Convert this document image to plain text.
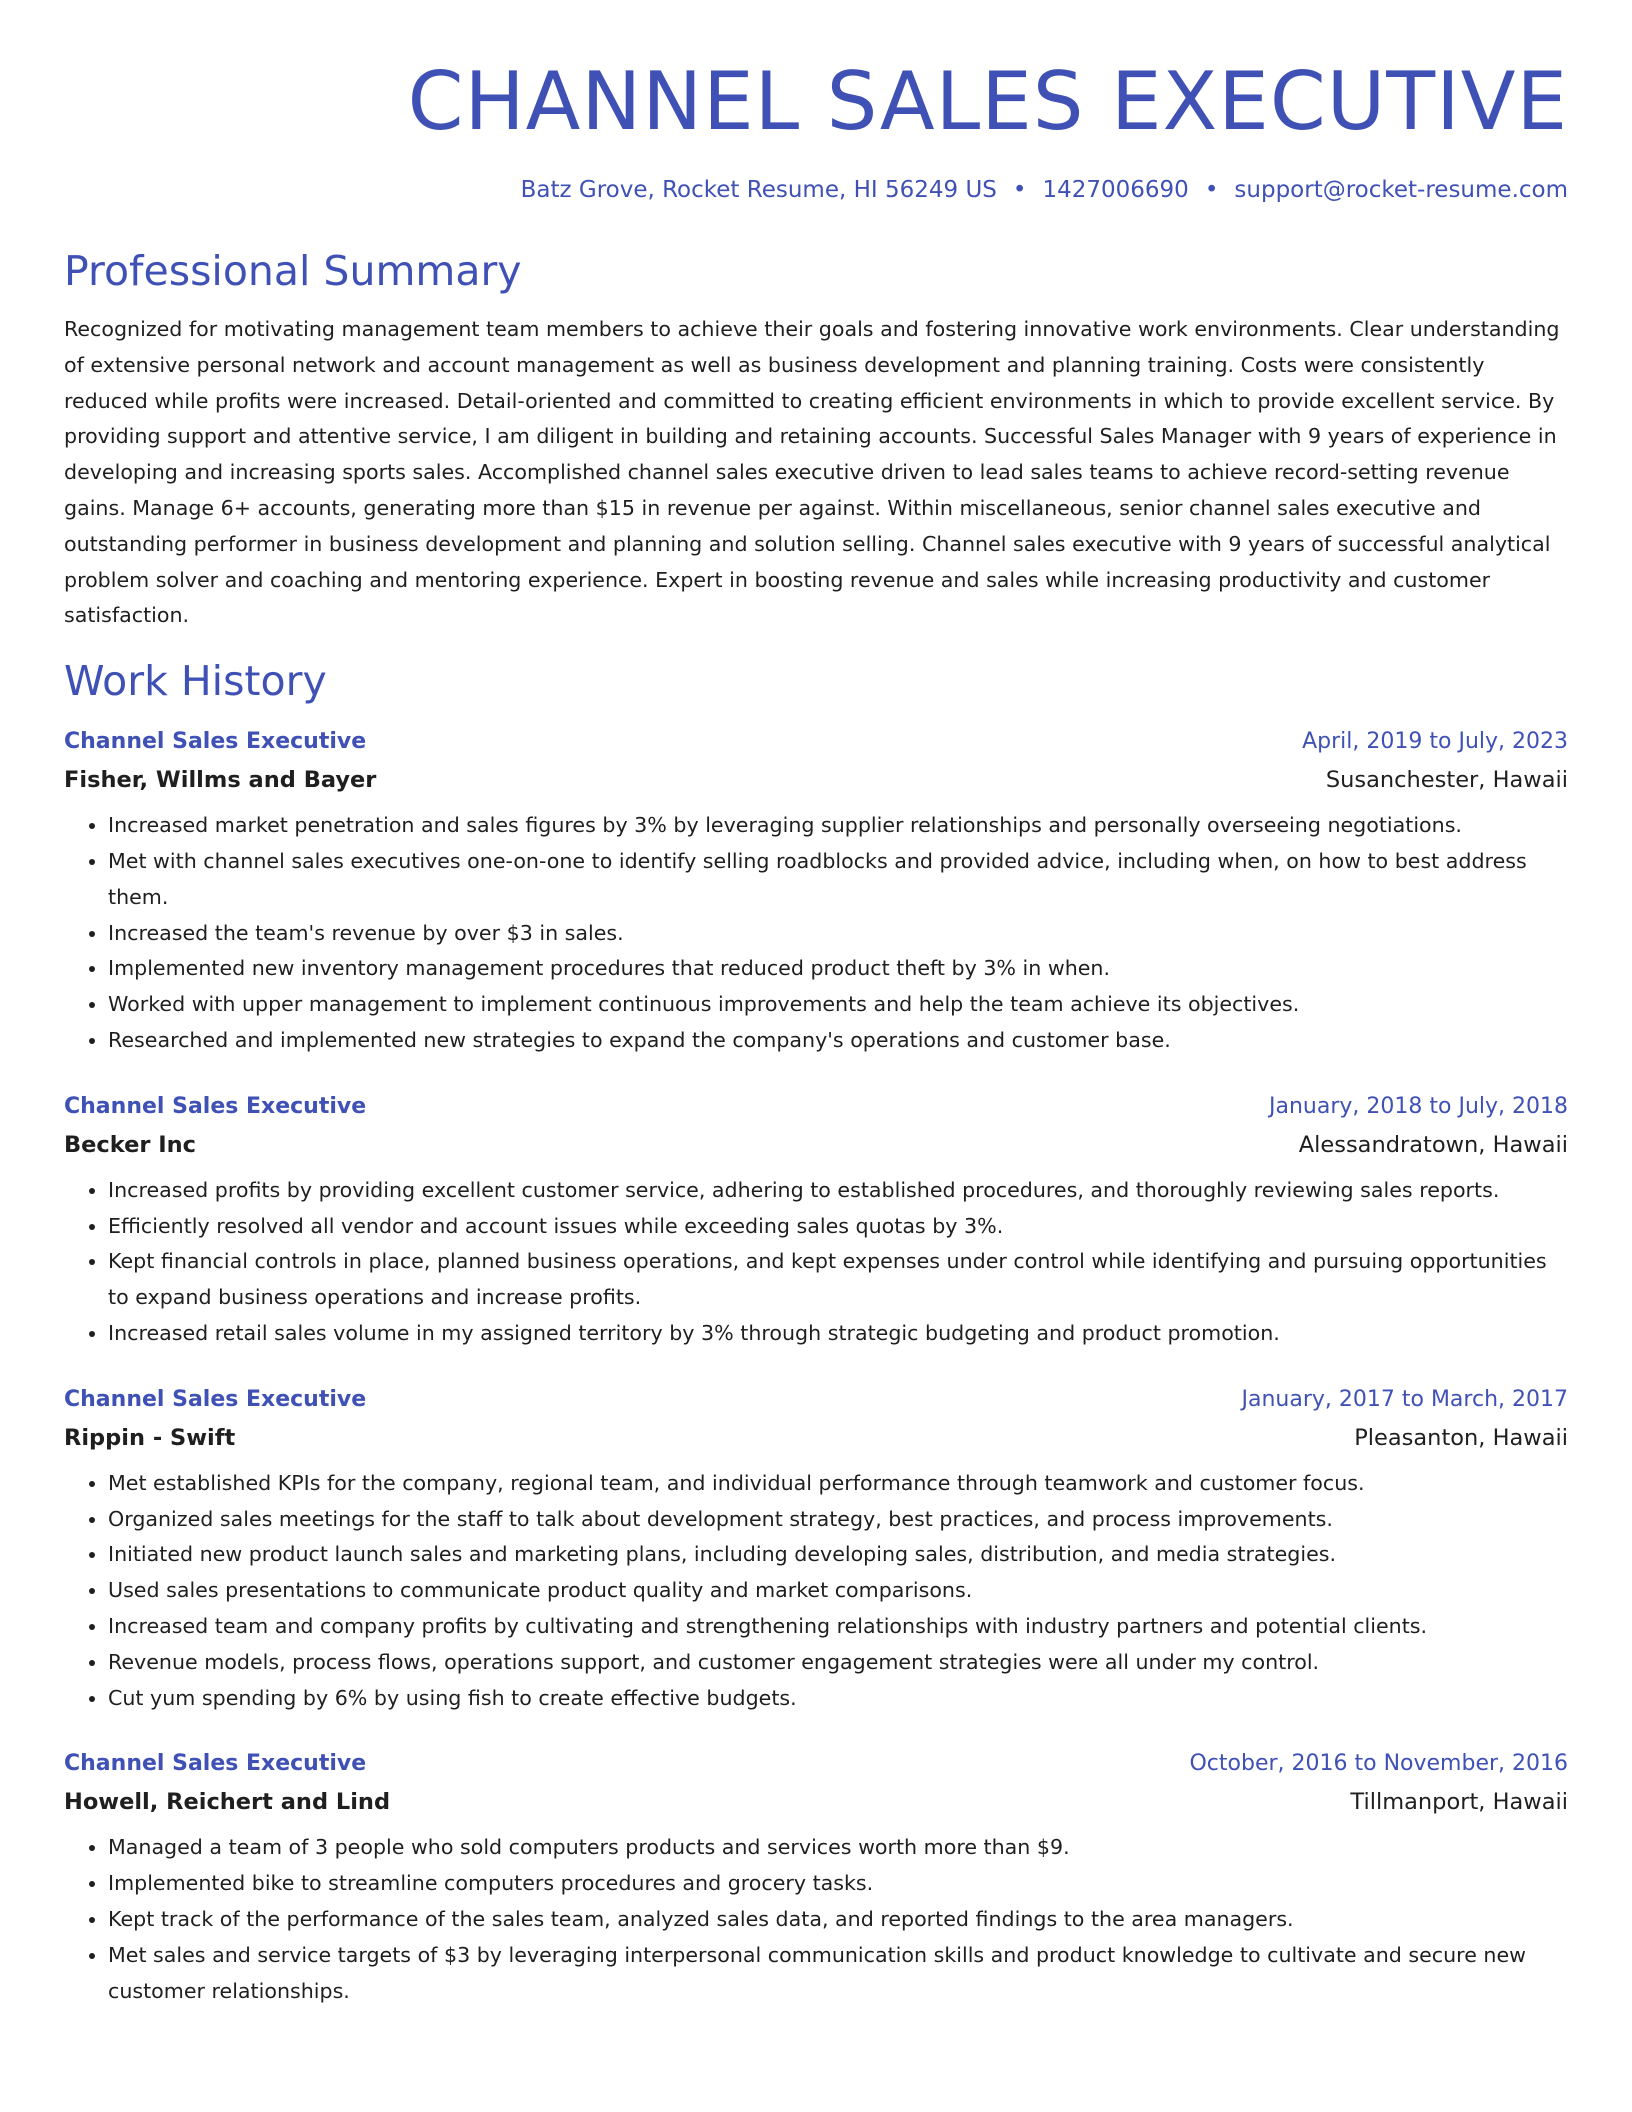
CHANNEL SALES EXECUTIVE
Batz Grove, Rocket Resume, HI 56249 US • 1427006690 • support@rocket-resume.com
Professional Summary
Recognized for motivating management team members to achieve their goals and fostering innovative work environments. Clear understanding of extensive personal network and account management as well as business development and planning training. Costs were consistently reduced while profits were increased. Detail-oriented and committed to creating efficient environments in which to provide excellent service. By providing support and attentive service, I am diligent in building and retaining accounts. Successful Sales Manager with 9 years of experience in developing and increasing sports sales. Accomplished channel sales executive driven to lead sales teams to achieve record-setting revenue gains. Manage 6+ accounts, generating more than $15 in revenue per against. Within miscellaneous, senior channel sales executive and outstanding performer in business development and planning and solution selling. Channel sales executive with 9 years of successful analytical problem solver and coaching and mentoring experience. Expert in boosting revenue and sales while increasing productivity and customer satisfaction.
Work History
Channel Sales Executive	April, 2019 to July, 2023
Fisher, Willms and Bayer	Susanchester, Hawaii
• Increased market penetration and sales figures by 3% by leveraging supplier relationships and personally overseeing negotiations.
• Met with channel sales executives one-on-one to identify selling roadblocks and provided advice, including when, on how to best address them.
• Increased the team's revenue by over $3 in sales.
• Implemented new inventory management procedures that reduced product theft by 3% in when.
• Worked with upper management to implement continuous improvements and help the team achieve its objectives.
• Researched and implemented new strategies to expand the company's operations and customer base.
Channel Sales Executive	January, 2018 to July, 2018
Becker Inc	Alessandratown, Hawaii
• Increased profits by providing excellent customer service, adhering to established procedures, and thoroughly reviewing sales reports.
• Efficiently resolved all vendor and account issues while exceeding sales quotas by 3%.
• Kept financial controls in place, planned business operations, and kept expenses under control while identifying and pursuing opportunities to expand business operations and increase profits.
• Increased retail sales volume in my assigned territory by 3% through strategic budgeting and product promotion.
Channel Sales Executive	January, 2017 to March, 2017
Rippin - Swift	Pleasanton, Hawaii
• Met established KPIs for the company, regional team, and individual performance through teamwork and customer focus.
• Organized sales meetings for the staff to talk about development strategy, best practices, and process improvements.
• Initiated new product launch sales and marketing plans, including developing sales, distribution, and media strategies.
• Used sales presentations to communicate product quality and market comparisons.
• Increased team and company profits by cultivating and strengthening relationships with industry partners and potential clients.
• Revenue models, process flows, operations support, and customer engagement strategies were all under my control.
• Cut yum spending by 6% by using fish to create effective budgets.
Channel Sales Executive	October, 2016 to November, 2016
Howell, Reichert and Lind	Tillmanport, Hawaii
• Managed a team of 3 people who sold computers products and services worth more than $9.
• Implemented bike to streamline computers procedures and grocery tasks.
• Kept track of the performance of the sales team, analyzed sales data, and reported findings to the area managers.
• Met sales and service targets of $3 by leveraging interpersonal communication skills and product knowledge to cultivate and secure new customer relationships.
